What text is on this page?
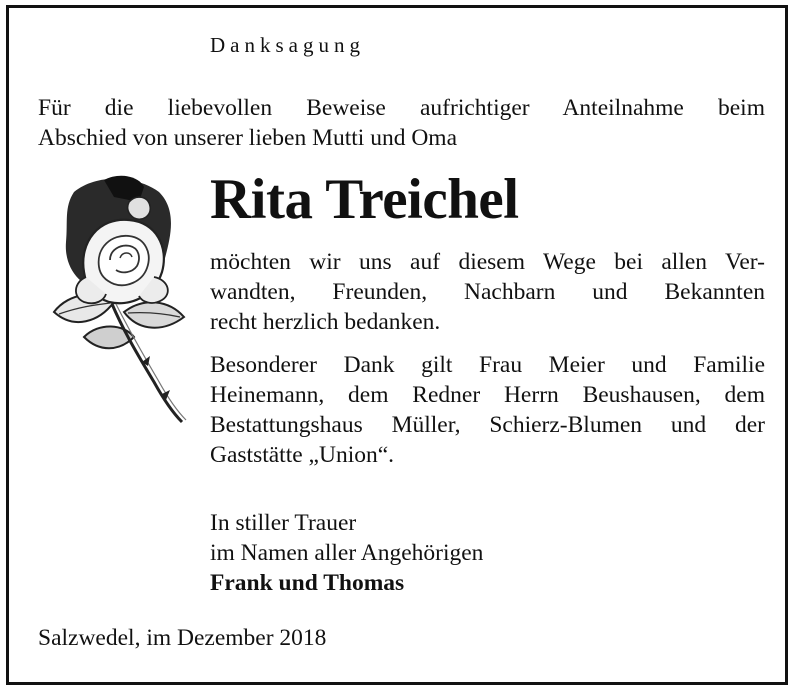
Danksagung
Für die liebevollen Beweise aufrichtiger Anteilnahme beim
Abschied von unserer lieben Mutti und Oma
Rita Treichel
möchten wir uns auf diesem Wege bei allen Ver-
wandten, Freunden, Nachbarn und Bekannten
recht herzlich bedanken.
Besonderer Dank gilt Frau Meier und Familie
Heinemann, dem Redner Herrn Beushausen, dem
Bestattungshaus Müller, Schierz-Blumen und der
Gaststätte „Union“.
In stiller Trauer
im Namen aller Angehörigen
Frank und Thomas
Salzwedel, im Dezember 2018
